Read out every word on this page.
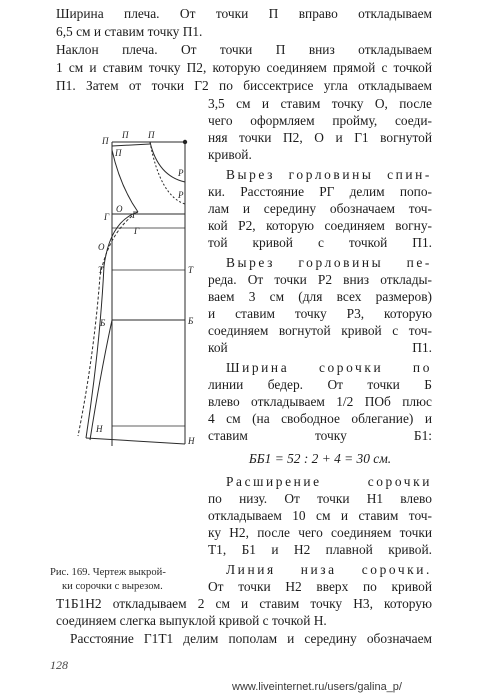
Ширина плеча. От точки П вправо откладываем
6,5 см и ставим точку П1.
Наклон плеча. От точки П вниз откладываем
1 см и ставим точку П2, которую соединяем прямой с точкой
П1. Затем от точки Г2 по биссектрисе угла откладываем
3,5 см и ставим точку О, после
чего оформляем пройму, соеди-
няя точки П2, О и Г1 вогнутой
кривой.
Вырез горловины спин-
ки. Расстояние РГ делим попо-
лам и середину обозначаем точ-
кой Р2, которую соединяем вогну-
той кривой с точкой П1.
Вырез горловины пе-
реда. От точки Р2 вниз отклады-
ваем 3 см (для всех размеров)
и ставим точку Р3, которую
соединяем вогнутой кривой с точ-
кой П1.
Ширина сорочки по
линии бедер. От точки Б
влево откладываем 1/2 ПОб плюс
4 см (на свободное облегание) и
ставим точку Б1:
ББ1 = 52 : 2 + 4 = 30 см.
Расширение сорочки
по низу. От точки Н1 влево
откладываем 10 см и ставим точ-
ку Н2, после чего соединяем точки
Т1, Б1 и Н2 плавной кривой.
Линия низа сорочки.
От точки Н2 вверх по кривой
Т1Б1Н2 откладываем 2 см и ставим точку Н3, которую
соединяем слегка выпуклой кривой с точкой Н.
Расстояние Г1Т1 делим пополам и середину обозначаем
Рис. 169. Чертеж выкрой-
ки сорочки с вырезом.
П
П П
П
Р
Р
Г	Г
О
Г
О
Т
Т
Б
Б
Н
Н
128
www.liveinternet.ru/users/galina_p/
